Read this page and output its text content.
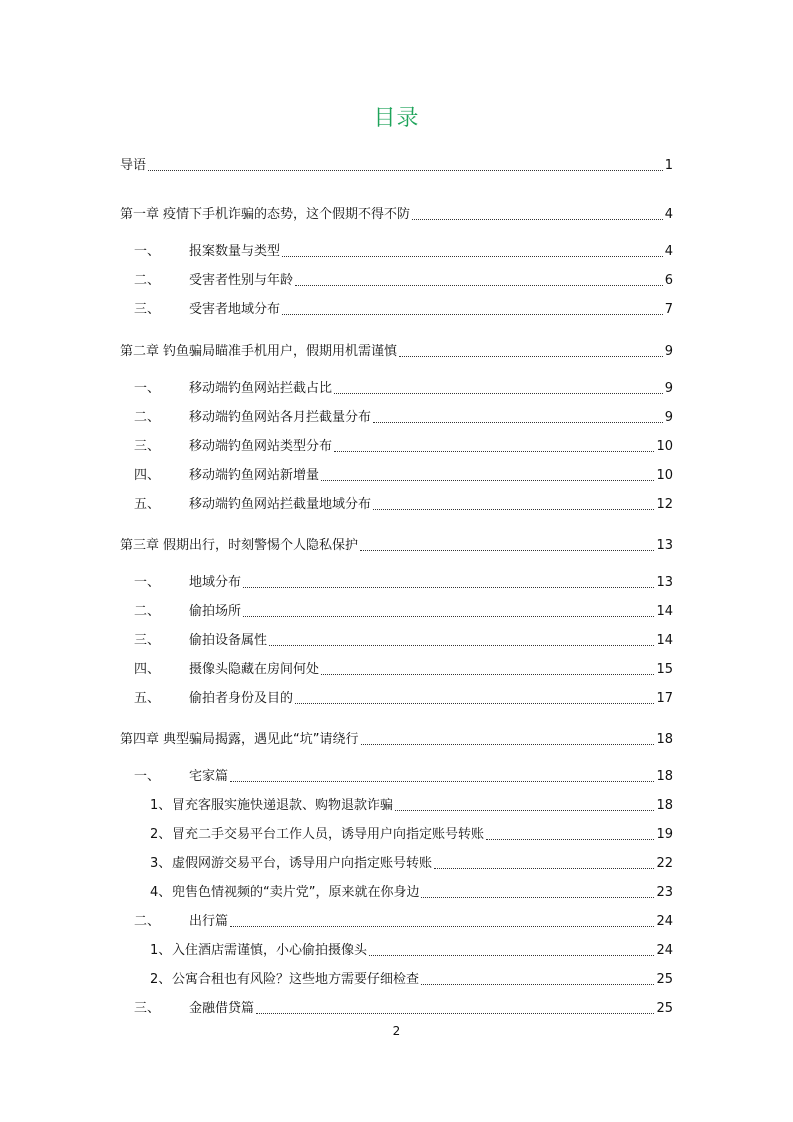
目录
导语	1
第一章 疫情下手机诈骗的态势，这个假期不得不防	4
一、	报案数量与类型	4
二、	受害者性别与年龄	6
三、	受害者地域分布	7
第二章 钓鱼骗局瞄准手机用户，假期用机需谨慎	9
一、	移动端钓鱼网站拦截占比	9
二、	移动端钓鱼网站各月拦截量分布	9
三、	移动端钓鱼网站类型分布	10
四、	移动端钓鱼网站新增量	10
五、	移动端钓鱼网站拦截量地域分布	12
第三章 假期出行，时刻警惕个人隐私保护	13
一、	地域分布	13
二、	偷拍场所	14
三、	偷拍设备属性	14
四、	摄像头隐藏在房间何处	15
五、	偷拍者身份及目的	17
第四章 典型骗局揭露，遇见此“坑”请绕行	18
一、	宅家篇	18
1、 冒充客服实施快递退款、购物退款诈骗	18
2、 冒充二手交易平台工作人员，诱导用户向指定账号转账	19
3、 虚假网游交易平台，诱导用户向指定账号转账	22
4、 兜售色情视频的“卖片党”，原来就在你身边	23
二、	出行篇	24
1、 入住酒店需谨慎，小心偷拍摄像头	24
2、 公寓合租也有风险？这些地方需要仔细检查	25
三、	金融借贷篇	25
2
